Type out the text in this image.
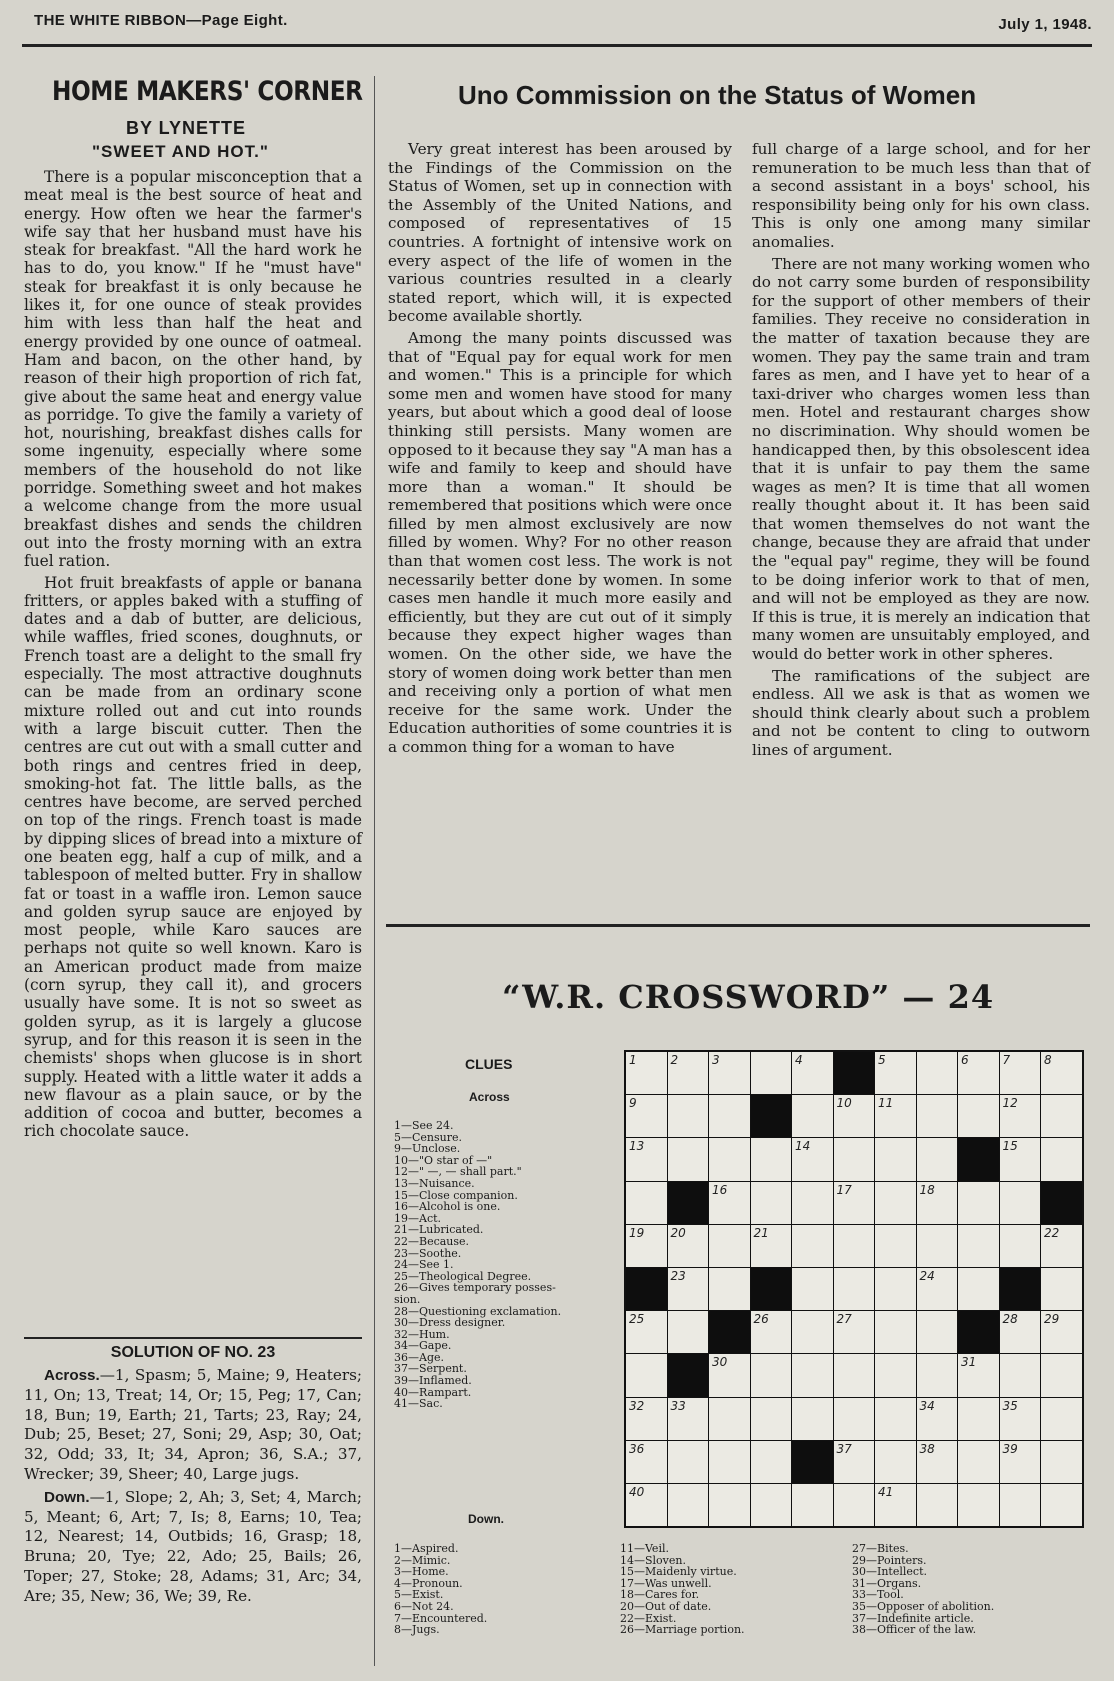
THE WHITE RIBBON—Page Eight.	July 1, 1948.
HOME MAKERS' CORNER
BY LYNETTE
"SWEET AND HOT."

There is a popular misconception that a meat meal is the best source of heat and energy. How often we hear the farmer's wife say that her husband must have his steak for breakfast. "All the hard work he has to do, you know." If he "must have" steak for breakfast it is only because he likes it, for one ounce of steak provides him with less than half the heat and energy provided by one ounce of oatmeal. Ham and bacon, on the other hand, by reason of their high proportion of rich fat, give about the same heat and energy value as porridge. To give the family a variety of hot, nourishing, breakfast dishes calls for some ingenuity, especially where some members of the household do not like porridge. Something sweet and hot makes a welcome change from the more usual breakfast dishes and sends the children out into the frosty morning with an extra fuel ration.

Hot fruit breakfasts of apple or banana fritters, or apples baked with a stuffing of dates and a dab of butter, are delicious, while waffles, fried scones, doughnuts, or French toast are a delight to the small fry especially. The most attractive doughnuts can be made from an ordinary scone mixture rolled out and cut into rounds with a large biscuit cutter. Then the centres are cut out with a small cutter and both rings and centres fried in deep, smoking-hot fat. The little balls, as the centres have become, are served perched on top of the rings. French toast is made by dipping slices of bread into a mixture of one beaten egg, half a cup of milk, and a tablespoon of melted butter. Fry in shallow fat or toast in a waffle iron. Lemon sauce and golden syrup sauce are enjoyed by most people, while Karo sauces are perhaps not quite so well known. Karo is an American product made from maize (corn syrup, they call it), and grocers usually have some. It is not so sweet as golden syrup, as it is largely a glucose syrup, and for this reason it is seen in the chemists' shops when glucose is in short supply. Heated with a little water it adds a new flavour as a plain sauce, or by the addition of cocoa and butter, becomes a rich chocolate sauce.

SOLUTION OF NO. 23

Across.—1, Spasm; 5, Maine; 9, Heaters; 11, On; 13, Treat; 14, Or; 15, Peg; 17, Can; 18, Bun; 19, Earth; 21, Tarts; 23, Ray; 24, Dub; 25, Beset; 27, Soni; 29, Asp; 30, Oat; 32, Odd; 33, It; 34, Apron; 36, S.A.; 37, Wrecker; 39, Sheer; 40, Large jugs.

Down.—1, Slope; 2, Ah; 3, Set; 4, March; 5, Meant; 6, Art; 7, Is; 8, Earns; 10, Tea; 12, Nearest; 14, Outbids; 16, Grasp; 18, Bruna; 20, Tye; 22, Ado; 25, Bails; 26, Toper; 27, Stoke; 28, Adams; 31, Arc; 34, Are; 35, New; 36, We; 39, Re.

Uno Commission on the Status of Women

Very great interest has been aroused by the Findings of the Commission on the Status of Women, set up in connection with the Assembly of the United Nations, and composed of representatives of 15 countries. A fortnight of intensive work on every aspect of the life of women in the various countries resulted in a clearly stated report, which will, it is expected become available shortly.

Among the many points discussed was that of "Equal pay for equal work for men and women." This is a principle for which some men and women have stood for many years, but about which a good deal of loose thinking still persists. Many women are opposed to it because they say "A man has a wife and family to keep and should have more than a woman." It should be remembered that positions which were once filled by men almost exclusively are now filled by women. Why? For no other reason than that women cost less. The work is not necessarily better done by women. In some cases men handle it much more easily and efficiently, but they are cut out of it simply because they expect higher wages than women. On the other side, we have the story of women doing work better than men and receiving only a portion of what men receive for the same work. Under the Education authorities of some countries it is a common thing for a woman to have

full charge of a large school, and for her remuneration to be much less than that of a second assistant in a boys' school, his responsibility being only for his own class. This is only one among many similar anomalies.

There are not many working women who do not carry some burden of responsibility for the support of other members of their families. They receive no consideration in the matter of taxation because they are women. They pay the same train and tram fares as men, and I have yet to hear of a taxi-driver who charges women less than men. Hotel and restaurant charges show no discrimination. Why should women be handicapped then, by this obsolescent idea that it is unfair to pay them the same wages as men? It is time that all women really thought about it. It has been said that women themselves do not want the change, because they are afraid that under the "equal pay" regime, they will be found to be doing inferior work to that of men, and will not be employed as they are now. If this is true, it is merely an indication that many women are unsuitably employed, and would do better work in other spheres.

The ramifications of the subject are endless. All we ask is that as women we should think clearly about such a problem and not be content to cling to outworn lines of argument.

“W.R. CROSSWORD” — 24
CLUES
Across
1—See 24.
5—Censure.
9—Unclose.
10—"O star of —"
12—" —, — shall part."
13—Nuisance.
15—Close companion.
16—Alcohol is one.
19—Act.
21—Lubricated.
22—Because.
23—Soothe.
24—See 1.
25—Theological Degree.
26—Gives temporary posses-
sion.
28—Questioning exclamation.
30—Dress designer.
32—Hum.
34—Gape.
36—Age.
37—Serpent.
39—Inflamed.
40—Rampart.
41—Sac.
1	2	3	4	5	6	7	8
9	10 11	12
13	14	15
16	17	18
19 20	21	22
23	24
25	26	27	28 29
30	31
32 33	34	35
36	37	38	39
40	41
Down.
1—Aspired.
2—Mimic.
3—Home.
4—Pronoun.
5—Exist.
6—Not 24.
7—Encountered.
8—Jugs.
11—Veil.
14—Sloven.
15—Maidenly virtue.
17—Was unwell.
18—Cares for.
20—Out of date.
22—Exist.
26—Marriage portion.
27—Bites.
29—Pointers.
30—Intellect.
31—Organs.
33—Tool.
35—Opposer of abolition.
37—Indefinite article.
38—Officer of the law.
